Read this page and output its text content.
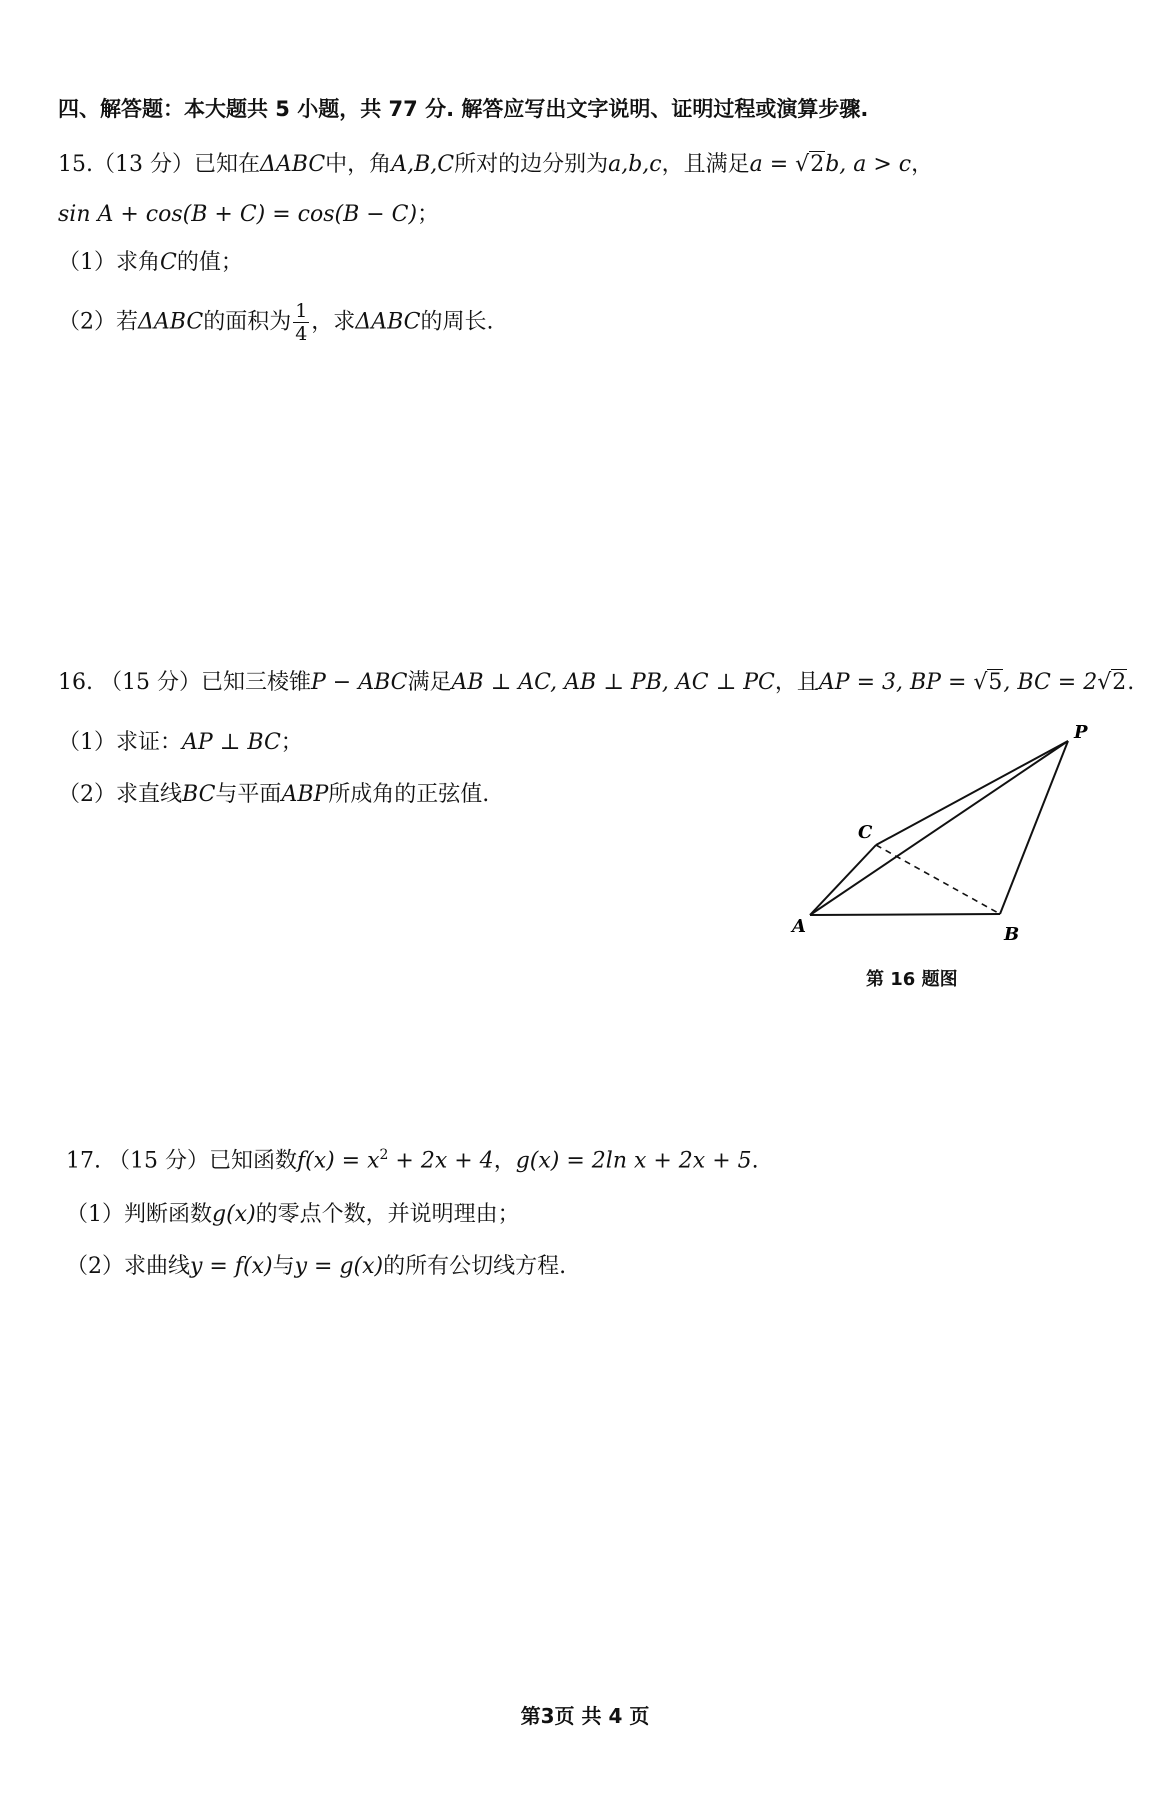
四、解答题：本大题共 5 小题，共 77 分. 解答应写出文字说明、证明过程或演算步骤.
15.（13 分）已知在ΔABC中，角A,B,C所对的边分别为a,b,c，且满足a = √2b, a > c，
sin A + cos(B + C) = cos(B − C)；
（1）求角C的值；
（2）若ΔABC的面积为 $\frac{1}{4}$ ，求ΔABC的周长.
16. （15 分）已知三棱锥P − ABC满足AB ⊥ AC, AB ⊥ PB, AC ⊥ PC，且AP = 3, BP = √5, BC = 2√2.
（1）求证：AP ⊥ BC；
（2）求直线BC与平面ABP所成角的正弦值.
P
C
A	B
第 16 题图
17. （15 分）已知函数$f(x) = x^2 + 2x + 4$，g(x) = 2ln x + 2x + 5.
（1）判断函数g(x)的零点个数，并说明理由；
（2）求曲线y = f(x)与y = g(x)的所有公切线方程.
第3页 共 4 页
